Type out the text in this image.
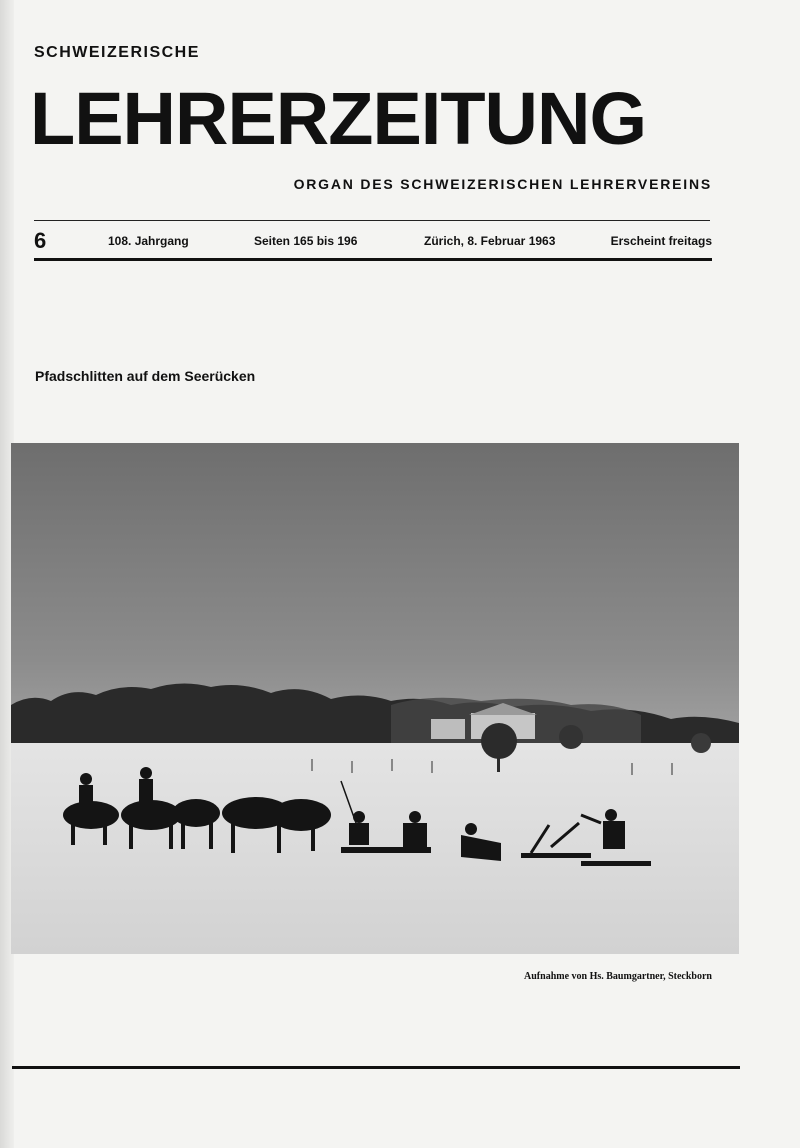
SCHWEIZERISCHE
LEHRERZEITUNG
ORGAN DES SCHWEIZERISCHEN LEHRERVEREINS
6	108. Jahrgang	Seiten 165 bis 196	Zürich, 8. Februar 1963	Erscheint freitags
Pfadschlitten auf dem Seerücken
Aufnahme von Hs. Baumgartner, Steckborn
